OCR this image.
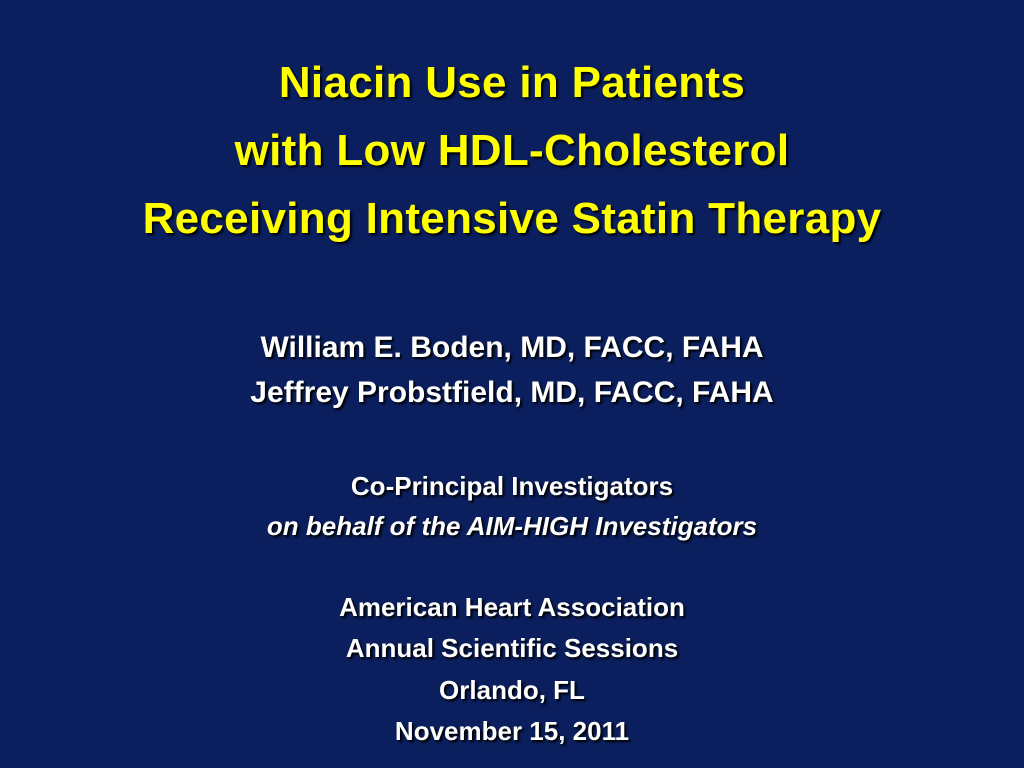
Niacin Use in Patients
with Low HDL-Cholesterol
Receiving Intensive Statin Therapy
William E. Boden, MD, FACC, FAHA
Jeffrey Probstfield, MD, FACC, FAHA
Co-Principal Investigators
on behalf of the AIM-HIGH Investigators
American Heart Association
Annual Scientific Sessions
Orlando, FL
November 15, 2011
